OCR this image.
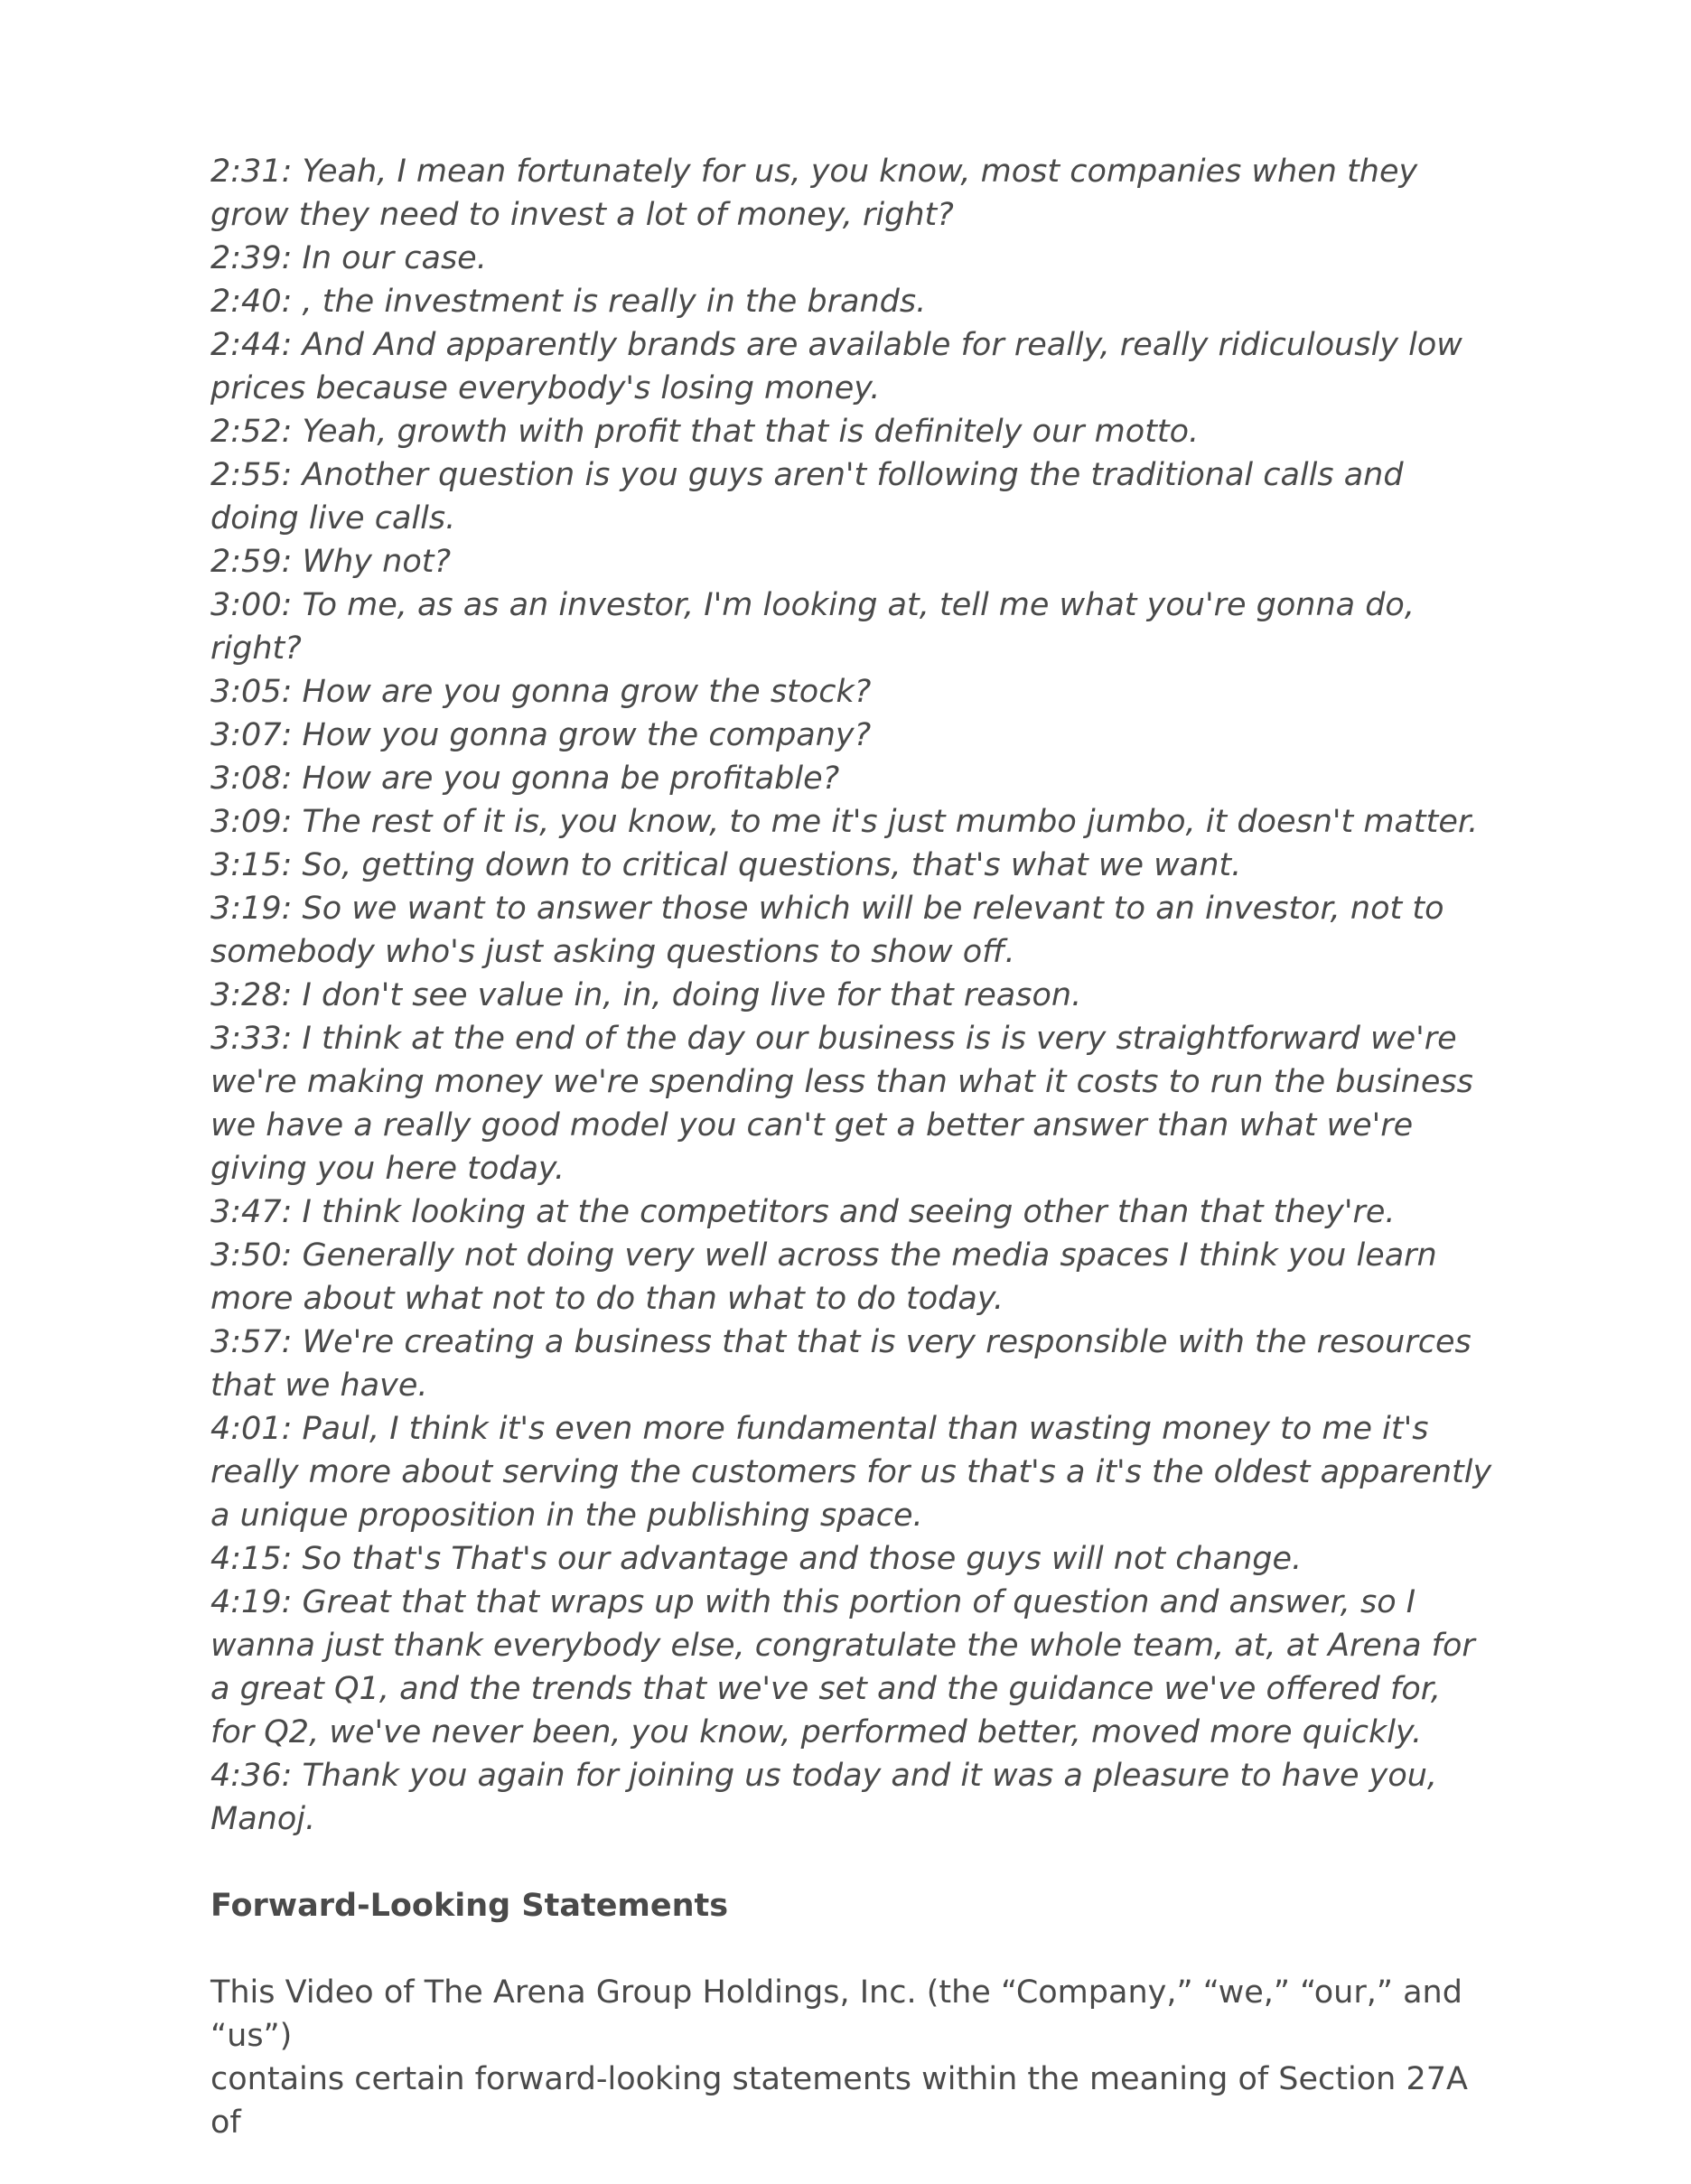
2:31: Yeah, I mean fortunately for us, you know, most companies when they grow they need to invest a lot of money, right?

2:39: In our case.

2:40: , the investment is really in the brands.

2:44: And And apparently brands are available for really, really ridiculously low prices because everybody's losing money.

2:52: Yeah, growth with profit that that is definitely our motto.

2:55: Another question is you guys aren't following the traditional calls and doing live calls.

2:59: Why not?

3:00: To me, as as an investor, I'm looking at, tell me what you're gonna do, right?

3:05: How are you gonna grow the stock?

3:07: How you gonna grow the company?

3:08: How are you gonna be profitable?

3:09: The rest of it is, you know, to me it's just mumbo jumbo, it doesn't matter.

3:15: So, getting down to critical questions, that's what we want.

3:19: So we want to answer those which will be relevant to an investor, not to somebody who's just asking questions to show off.

3:28: I don't see value in, in, doing live for that reason.

3:33: I think at the end of the day our business is is very straightforward we're we're making money we're spending less than what it costs to run the business we have a really good model you can't get a better answer than what we're giving you here today.

3:47: I think looking at the competitors and seeing other than that they're.

3:50: Generally not doing very well across the media spaces I think you learn more about what not to do than what to do today.

3:57: We're creating a business that that is very responsible with the resources that we have.

4:01: Paul, I think it's even more fundamental than wasting money to me it's really more about serving the customers for us that's a it's the oldest apparently a unique proposition in the publishing space.

4:15: So that's That's our advantage and those guys will not change.

4:19: Great that that wraps up with this portion of question and answer, so I wanna just thank everybody else, congratulate the whole team, at, at Arena for a great Q1, and the trends that we've set and the guidance we've offered for, for Q2, we've never been, you know, performed better, moved more quickly.

4:36: Thank you again for joining us today and it was a pleasure to have you, Manoj.

Forward-Looking Statements

This Video of The Arena Group Holdings, Inc. (the “Company,” “we,” “our,” and “us”)

contains certain forward-looking statements within the meaning of Section 27A of
